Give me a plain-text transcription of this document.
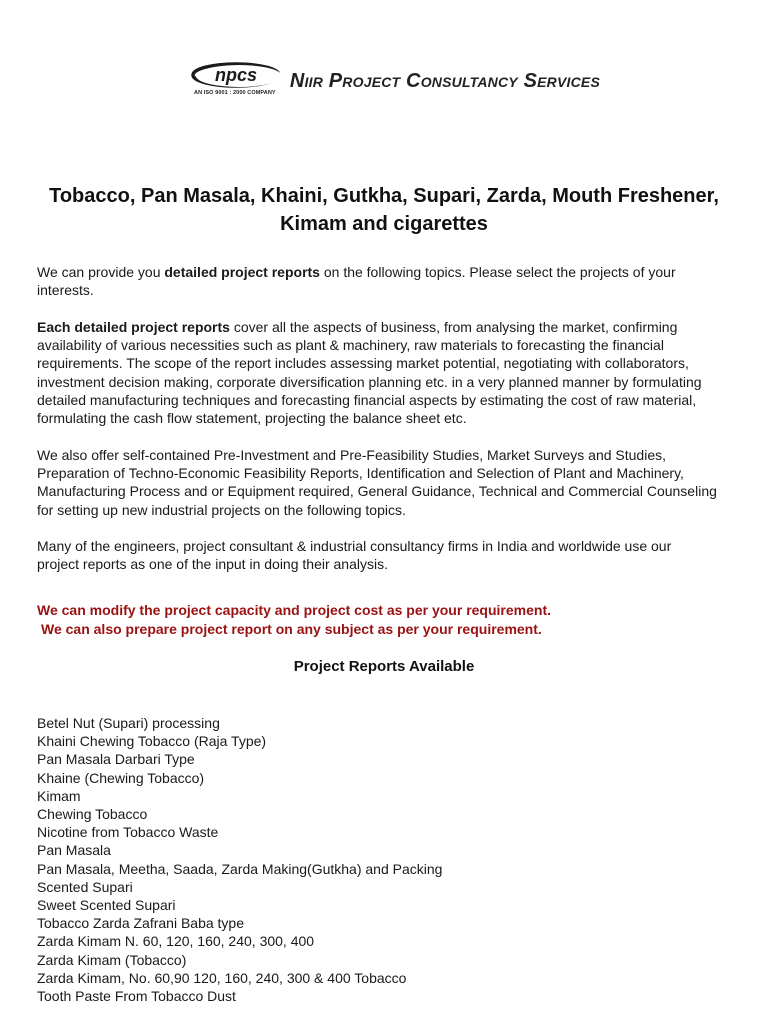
npcs
AN ISO 9001 : 2000 COMPANY
Niir Project Consultancy Services
Tobacco, Pan Masala, Khaini, Gutkha, Supari, Zarda, Mouth Freshener, Kimam and cigarettes

We can provide you detailed project reports on the following topics. Please select the projects of your interests.

Each detailed project reports cover all the aspects of business, from analysing the market, confirming availability of various necessities such as plant & machinery, raw materials to forecasting the financial requirements. The scope of the report includes assessing market potential, negotiating with collaborators, investment decision making, corporate diversification planning etc. in a very planned manner by formulating detailed manufacturing techniques and forecasting financial aspects by estimating the cost of raw material, formulating the cash flow statement, projecting the balance sheet etc.

We also offer self-contained Pre-Investment and Pre-Feasibility Studies, Market Surveys and Studies, Preparation of Techno-Economic Feasibility Reports, Identification and Selection of Plant and Machinery, Manufacturing Process and or Equipment required, General Guidance, Technical and Commercial Counseling for setting up new industrial projects on the following topics.

Many of the engineers, project consultant & industrial consultancy firms in India and worldwide use our project reports as one of the input in doing their analysis.

We can modify the project capacity and project cost as per your requirement.
We can also prepare project report on any subject as per your requirement.
Project Reports Available
Betel Nut (Supari) processing
Khaini Chewing Tobacco (Raja Type)
Pan Masala Darbari Type
Khaine (Chewing Tobacco)
Kimam
Chewing Tobacco
Nicotine from Tobacco Waste
Pan Masala
Pan Masala, Meetha, Saada, Zarda Making(Gutkha) and Packing
Scented Supari
Sweet Scented Supari
Tobacco Zarda Zafrani Baba type
Zarda Kimam N. 60, 120, 160, 240, 300, 400
Zarda Kimam (Tobacco)
Zarda Kimam, No. 60,90 120, 160, 240, 300 & 400 Tobacco
Tooth Paste From Tobacco Dust
